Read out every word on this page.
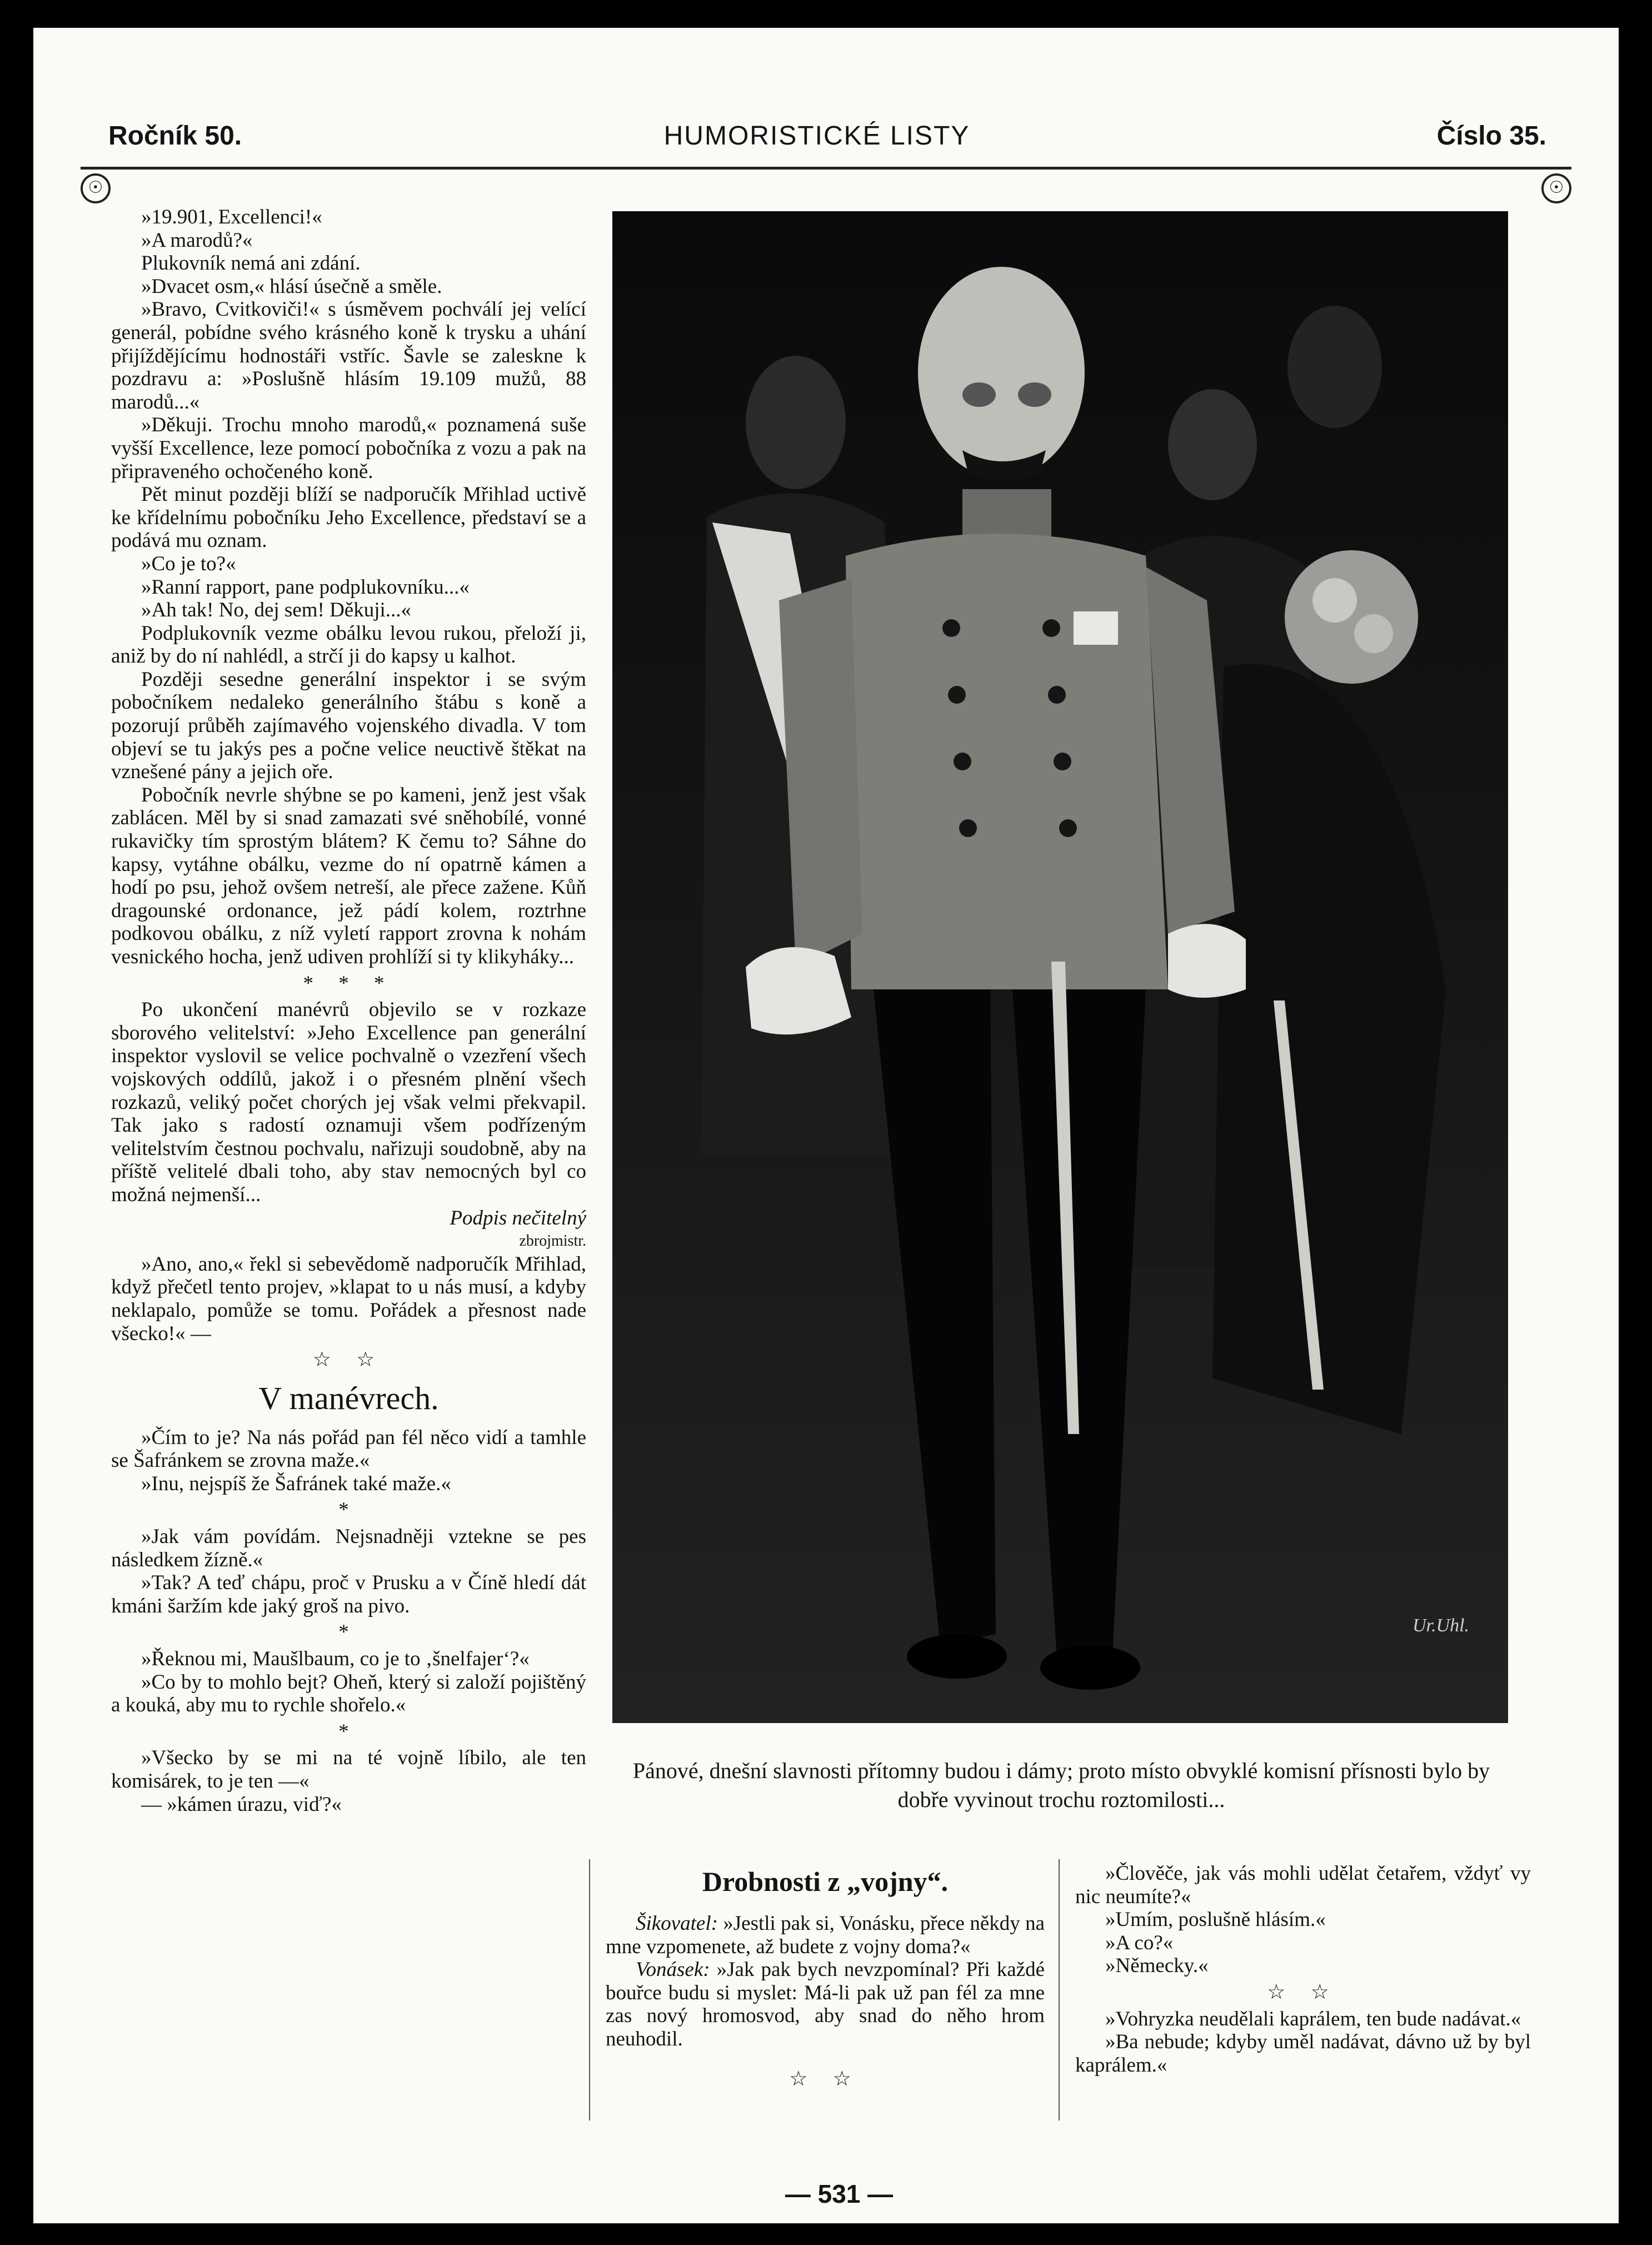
Ročník 50.	HUMORISTICKÉ LISTY	Číslo 35.
☉	☉

»19.901, Excellenci!«

»A marodů?«

Plukovník nemá ani zdání.

»Dvacet osm,« hlásí úsečně a směle.

»Bravo, Cvitkoviči!« s úsměvem pochválí jej velící generál, pobídne svého krásného koně k trysku a uhání přijíždějícímu hodnostáři vstříc. Šavle se zaleskne k pozdravu a: »Poslušně hlásím 19.109 mužů, 88 marodů...«

»Děkuji. Trochu mnoho marodů,« poznamená suše vyšší Excellence, leze pomocí pobočníka z vozu a pak na připraveného ochočeného koně.

Pět minut později blíží se nadporučík Mřihlad uctivě ke křídelnímu pobočníku Jeho Excellence, představí se a podává mu oznam.

»Co je to?«

»Ranní rapport, pane podplukovníku...«

»Ah tak! No, dej sem! Děkuji...«

Podplukovník vezme obálku levou rukou, přeloží ji, aniž by do ní nahlédl, a strčí ji do kapsy u kalhot.

Později sesedne generální inspektor i se svým pobočníkem nedaleko generálního štábu s koně a pozorují průběh zajímavého vojenského divadla. V tom objeví se tu jakýs pes a počne velice neuctivě štěkat na vznešené pány a jejich oře.

Pobočník nevrle shýbne se po kameni, jenž jest však zablácen. Měl by si snad zamazati své sněhobílé, vonné rukavičky tím sprostým blátem? K čemu to? Sáhne do kapsy, vytáhne obálku, vezme do ní opatrně kámen a hodí po psu, jehož ovšem netreší, ale přece zažene. Kůň dragounské ordonance, jež pádí kolem, roztrhne podkovou obálku, z níž vyletí rapport zrovna k nohám vesnického hocha, jenž udiven prohlíží si ty klikyháky...

* * *

Po ukončení manévrů objevilo se v rozkaze sborového velitelství: »Jeho Excellence pan generální inspektor vyslovil se velice pochvalně o vzezření všech vojskových oddílů, jakož i o přesném plnění všech rozkazů, veliký počet chorých jej však velmi překvapil. Tak jako s radostí oznamuji všem podřízeným velitelstvím čestnou pochvalu, nařizuji soudobně, aby na příště velitelé dbali toho, aby stav nemocných byl co možná nejmenší...

Podpis nečitelný

zbrojmistr.

»Ano, ano,« řekl si sebevědomě nadporučík Mřihlad, když přečetl tento projev, »klapat to u nás musí, a kdyby neklapalo, pomůže se tomu. Pořádek a přesnost nade všecko!« —

☆ ☆
V manévrech.

»Čím to je? Na nás pořád pan fél něco vidí a tamhle se Šafránkem se zrovna maže.«

»Inu, nejspíš že Šafránek také maže.«

*

»Jak vám povídám. Nejsnadněji vztekne se pes následkem žízně.«

»Tak? A teď chápu, proč v Prusku a v Číně hledí dát kmáni šaržím kde jaký groš na pivo.

*

»Řeknou mi, Maušlbaum, co je to ‚šnelfajer‘?«

»Co by to mohlo bejt? Oheň, který si založí pojištěný a kouká, aby mu to rychle shořelo.«

*

»Všecko by se mi na té vojně líbilo, ale ten komisárek, to je ten —«

— »kámen úrazu, viď?«

Ur.Uhl.
Pánové, dnešní slavnosti přítomny budou i dámy; proto místo obvyklé komisní přísnosti bylo by dobře vyvinout trochu roztomilosti...
Drobnosti z „vojny“.

Šikovatel: »Jestli pak si, Vonásku, přece někdy na mne vzpomenete, až budete z vojny doma?«

Vonásek: »Jak pak bych nevzpomínal? Při každé bouřce budu si myslet: Má-li pak už pan fél za mne zas nový hromosvod, aby snad do něho hrom neuhodil.

☆ ☆

»Člověče, jak vás mohli udělat četařem, vždyť vy nic neumíte?«

»Umím, poslušně hlásím.«

»A co?«

»Německy.«

☆ ☆

»Vohryzka neudělali kaprálem, ten bude nadávat.«

»Ba nebude; kdyby uměl nadávat, dávno už by byl kaprálem.«

— 531 —
